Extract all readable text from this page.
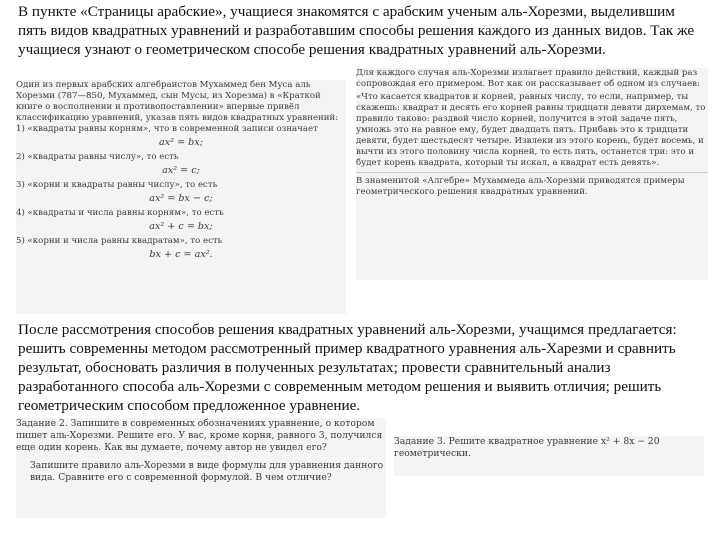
В пункте «Страницы арабские», учащиеся знакомятся с арабским ученым аль-Хорезми, выделившим пять видов квадратных уравнений и разработавшим способы решения каждого из данных видов. Так же учащиеся узнают о геометрическом способе решения квадратных уравнений аль-Хорезми.

Один из первых арабских алгебраистов Мухаммед бен Муса аль Хорезми (787—850, Мухаммед, сын Мусы, из Хорезма) в «Краткой книге о восполнении и противопоставлении» впервые привёл классификацию уравнений, указав пять видов квадратных уравнений:

1) «квадраты равны корням», что в современной записи означает

ax² = bx;

2) «квадраты равны числу», то есть

ax² = c;

3) «корни и квадраты равны числу», то есть

ax² = bx − c;

4) «квадраты и числа равны корням», то есть

ax² + c = bx;

5) «корни и числа равны квадратам», то есть

bx + c = ax².

Для каждого случая аль-Хорезми излагает правило действий, каждый раз сопровождая его примером. Вот как он рассказывает об одном из случаев:

«Что касается квадратов и корней, равных числу, то если, например, ты скажешь: квадрат и десять его корней равны тридцати девяти дирхемам, то правило таково: раздвой число корней, получится в этой задаче пять, умножь это на равное ему, будет двадцать пять. Прибавь это к тридцати девяти, будет шестьдесят четыре. Извлеки из этого корень, будет восемь, и вычти из этого половину числа корней, то есть пять, останется три: это и будет корень квадрата, который ты искал, а квадрат есть девять».

В знаменитой «Алгебре» Мухаммеда аль-Хорезми приводятся примеры геометрического решения квадратных уравнений.

После рассмотрения способов решения квадратных уравнений аль-Хорезми, учащимся предлагается: решить современны методом рассмотренный пример квадратного уравнения аль-Харезми и сравнить результат, обосновать различия в полученных результатах; провести сравнительный анализ разработанного способа аль-Хорезми с современным методом решения и выявить отличия; решить геометрическим способом предложенное уравнение.

Задание 2. Запишите в современных обозначениях уравнение, о котором пишет аль-Хорезми. Решите его. У вас, кроме корня, равного 3, получился еще один корень. Как вы думаете, почему автор не увидел его?

Запишите правило аль-Хорезми в виде формулы для уравнения данного вида. Сравните его с современной формулой. В чем отличие?

Задание 3. Решите квадратное уравнение x² + 8x − 20 геометрически.
